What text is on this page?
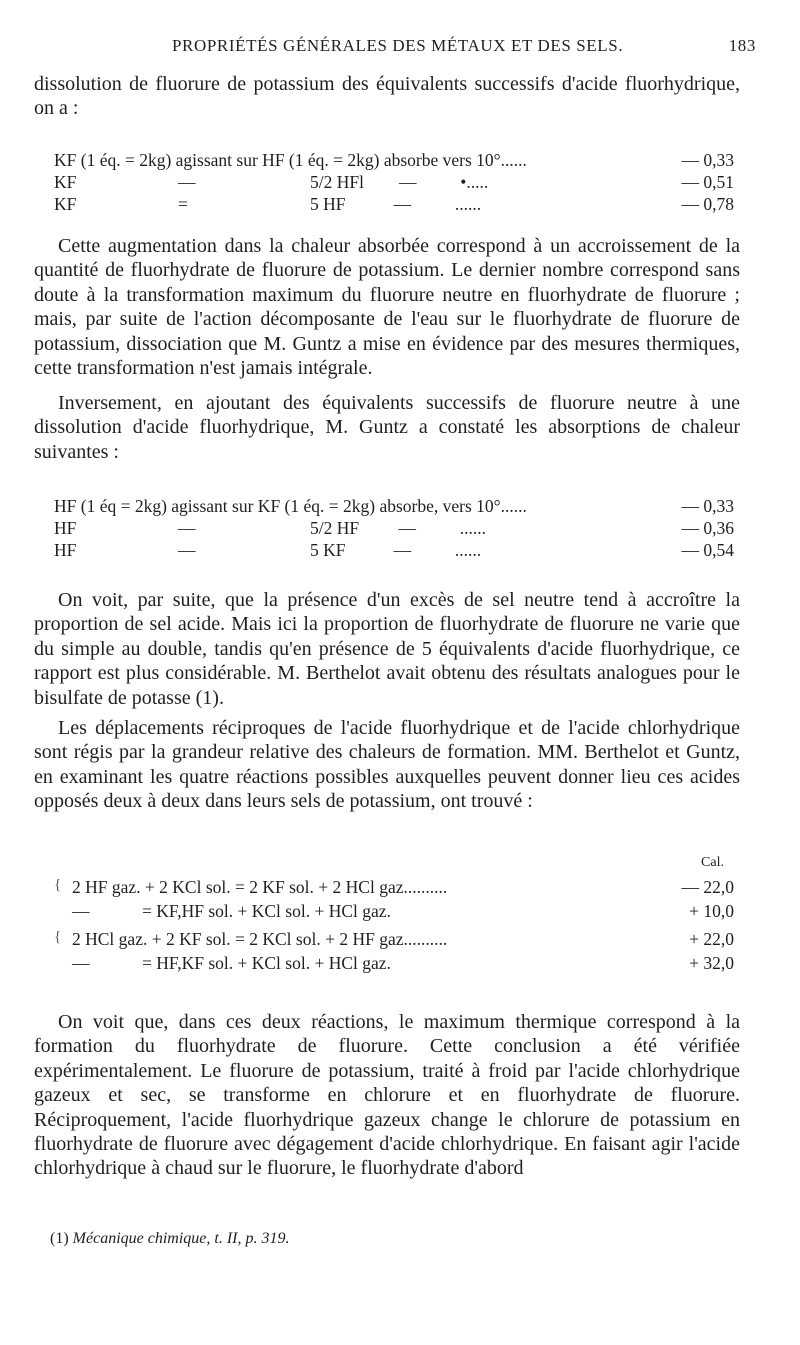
PROPRIÉTÉS GÉNÉRALES DES MÉTAUX ET DES SELS.	183

dissolution de fluorure de potassium des équivalents successifs d'acide fluorhydrique, on a :

KF (1 éq. = 2kg) agissant sur HF (1 éq. = 2kg) absorbe vers 10°......	— 0,33
KF	—	5/2 HFl        —          •.....	— 0,51
KF	=	5 HF           —          ......	— 0,78

Cette augmentation dans la chaleur absorbée correspond à un accroissement de la quantité de fluorhydrate de fluorure de potassium. Le dernier nombre correspond sans doute à la transformation maximum du fluorure neutre en fluorhydrate de fluorure ; mais, par suite de l'action décomposante de l'eau sur le fluorhydrate de fluorure de potassium, dissociation que M. Guntz a mise en évidence par des mesures thermiques, cette transformation n'est jamais intégrale.

Inversement, en ajoutant des équivalents successifs de fluorure neutre à une dissolution d'acide fluorhydrique, M. Guntz a constaté les absorptions de chaleur suivantes :

HF (1 éq = 2kg) agissant sur KF (1 éq. = 2kg) absorbe, vers 10°......	— 0,33
HF	—	5/2 HF         —          ......	— 0,36
HF	—	5 KF           —          ......	— 0,54

On voit, par suite, que la présence d'un excès de sel neutre tend à accroître la proportion de sel acide. Mais ici la proportion de fluorhydrate de fluorure ne varie que du simple au double, tandis qu'en présence de 5 équivalents d'acide fluorhydrique, ce rapport est plus considérable. M. Berthelot avait obtenu des résultats analogues pour le bisulfate de potasse (1).

Les déplacements réciproques de l'acide fluorhydrique et de l'acide chlorhydrique sont régis par la grandeur relative des chaleurs de formation. MM. Berthelot et Guntz, en examinant les quatre réactions possibles auxquelles peuvent donner lieu ces acides opposés deux à deux dans leurs sels de potassium, ont trouvé :

Cal.
{ 2 HF gaz. + 2 KCl sol. = 2 KF sol. + 2 HCl gaz..........	— 22,0
—            = KF,HF sol. + KCl sol. + HCl gaz.	+ 10,0
{ 2 HCl gaz. + 2 KF sol. = 2 KCl sol. + 2 HF gaz..........	+ 22,0
—            = HF,KF sol. + KCl sol. + HCl gaz.	+ 32,0

On voit que, dans ces deux réactions, le maximum thermique correspond à la formation du fluorhydrate de fluorure. Cette conclusion a été vérifiée expérimentalement. Le fluorure de potassium, traité à froid par l'acide chlorhydrique gazeux et sec, se transforme en chlorure et en fluorhydrate de fluorure. Réciproquement, l'acide fluorhydrique gazeux change le chlorure de potassium en fluorhydrate de fluorure avec dégagement d'acide chlorhydrique. En faisant agir l'acide chlorhydrique à chaud sur le fluorure, le fluorhydrate d'abord

(1) Mécanique chimique, t. II, p. 319.
